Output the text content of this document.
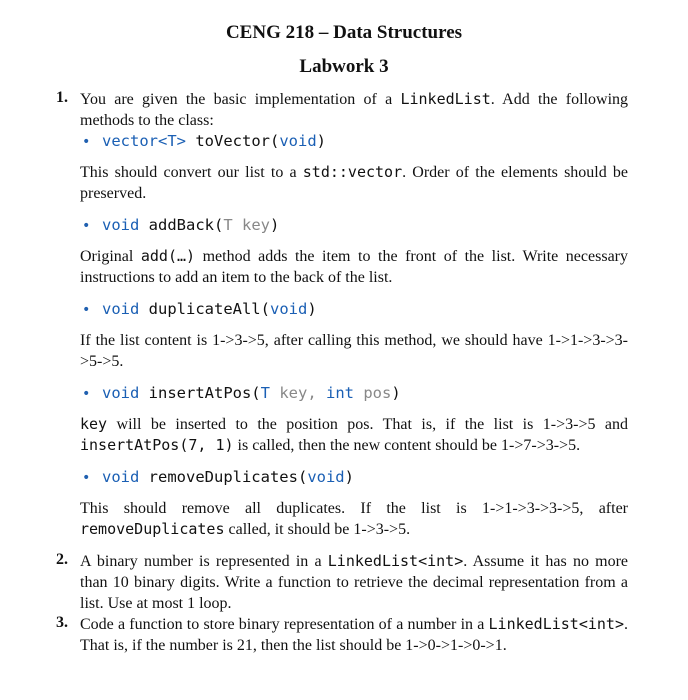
CENG 218 – Data Structures
Labwork 3
1. You are given the basic implementation of a LinkedList. Add the following methods to the class:

• vector<T> toVector(void)

This should convert our list to a std::vector. Order of the elements should be preserved.

• void addBack(T key)

Original add(…) method adds the item to the front of the list. Write necessary instructions to add an item to the back of the list.

• void duplicateAll(void)

If the list content is 1->3->5, after calling this method, we should have 1->1->3->3->5->5.

• void insertAtPos(T key, int pos)

key will be inserted to the position pos. That is, if the list is 1->3->5 and insertAtPos(7, 1) is called, then the new content should be 1->7->3->5.

• void removeDuplicates(void)

This should remove all duplicates. If the list is 1->1->3->3->5, after removeDuplicates called, it should be 1->3->5.

2. A binary number is represented in a LinkedList<int>. Assume it has no more than 10 binary digits. Write a function to retrieve the decimal representation from a list. Use at most 1 loop.

3. Code a function to store binary representation of a number in a LinkedList<int>. That is, if the number is 21, then the list should be 1->0->1->0->1.
